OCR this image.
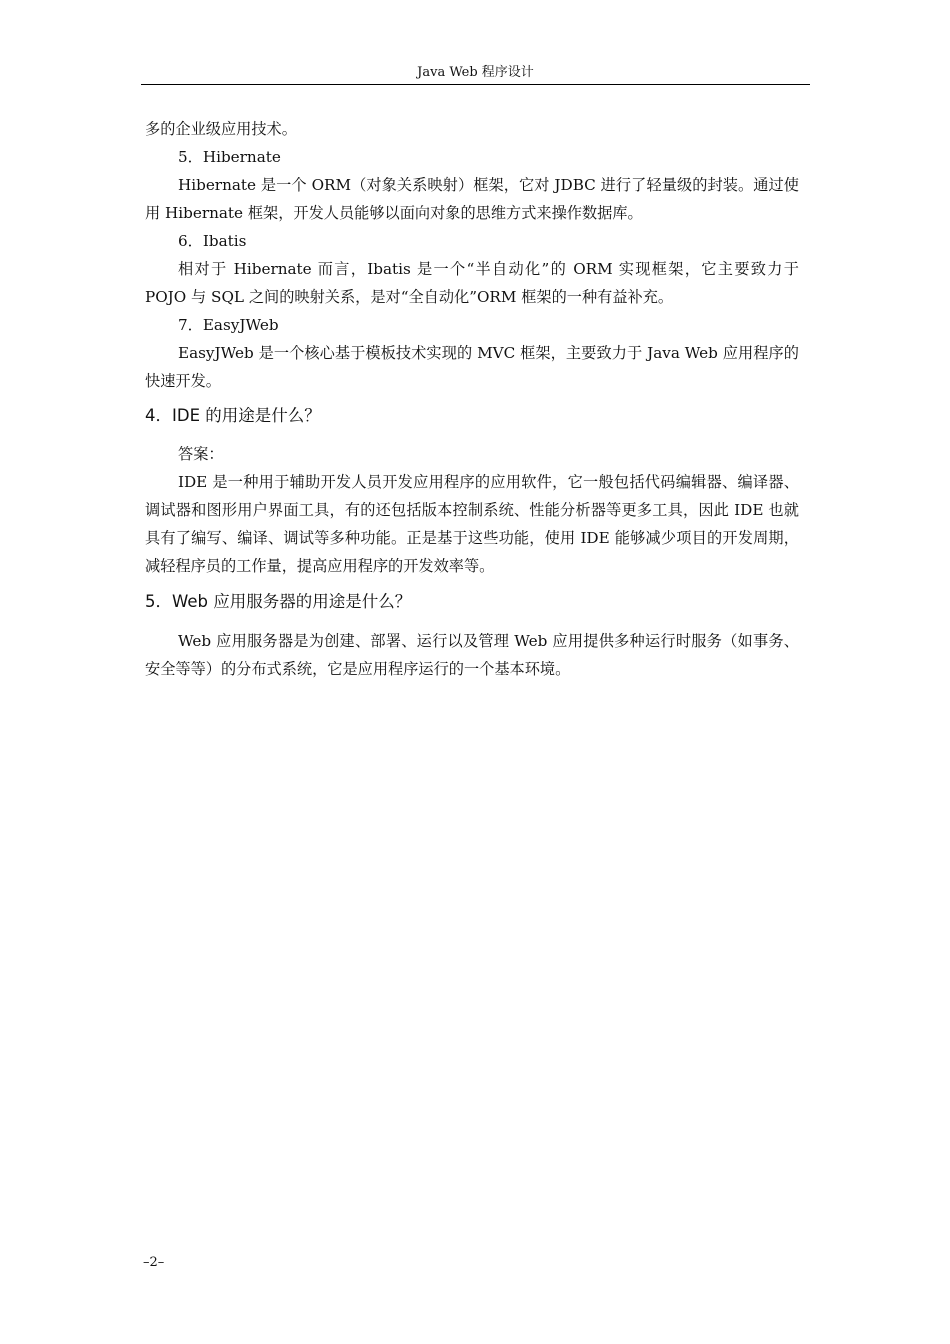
Java Web 程序设计

多的企业级应用技术。

5．Hibernate

Hibernate 是一个 ORM（对象关系映射）框架，它对 JDBC 进行了轻量级的封装。通过使用 Hibernate 框架，开发人员能够以面向对象的思维方式来操作数据库。

6．Ibatis

相对于 Hibernate 而言，Ibatis 是一个“半自动化”的 ORM 实现框架，它主要致力于 POJO 与 SQL 之间的映射关系，是对“全自动化”ORM 框架的一种有益补充。

7．EasyJWeb

EasyJWeb 是一个核心基于模板技术实现的 MVC 框架，主要致力于 Java Web 应用程序的快速开发。

4．IDE 的用途是什么？

答案：

IDE 是一种用于辅助开发人员开发应用程序的应用软件，它一般包括代码编辑器、编译器、调试器和图形用户界面工具，有的还包括版本控制系统、性能分析器等更多工具，因此 IDE 也就具有了编写、编译、调试等多种功能。正是基于这些功能，使用 IDE 能够减少项目的开发周期，减轻程序员的工作量，提高应用程序的开发效率等。

5．Web 应用服务器的用途是什么？

Web 应用服务器是为创建、部署、运行以及管理 Web 应用提供多种运行时服务（如事务、安全等等）的分布式系统，它是应用程序运行的一个基本环境。

–2–
